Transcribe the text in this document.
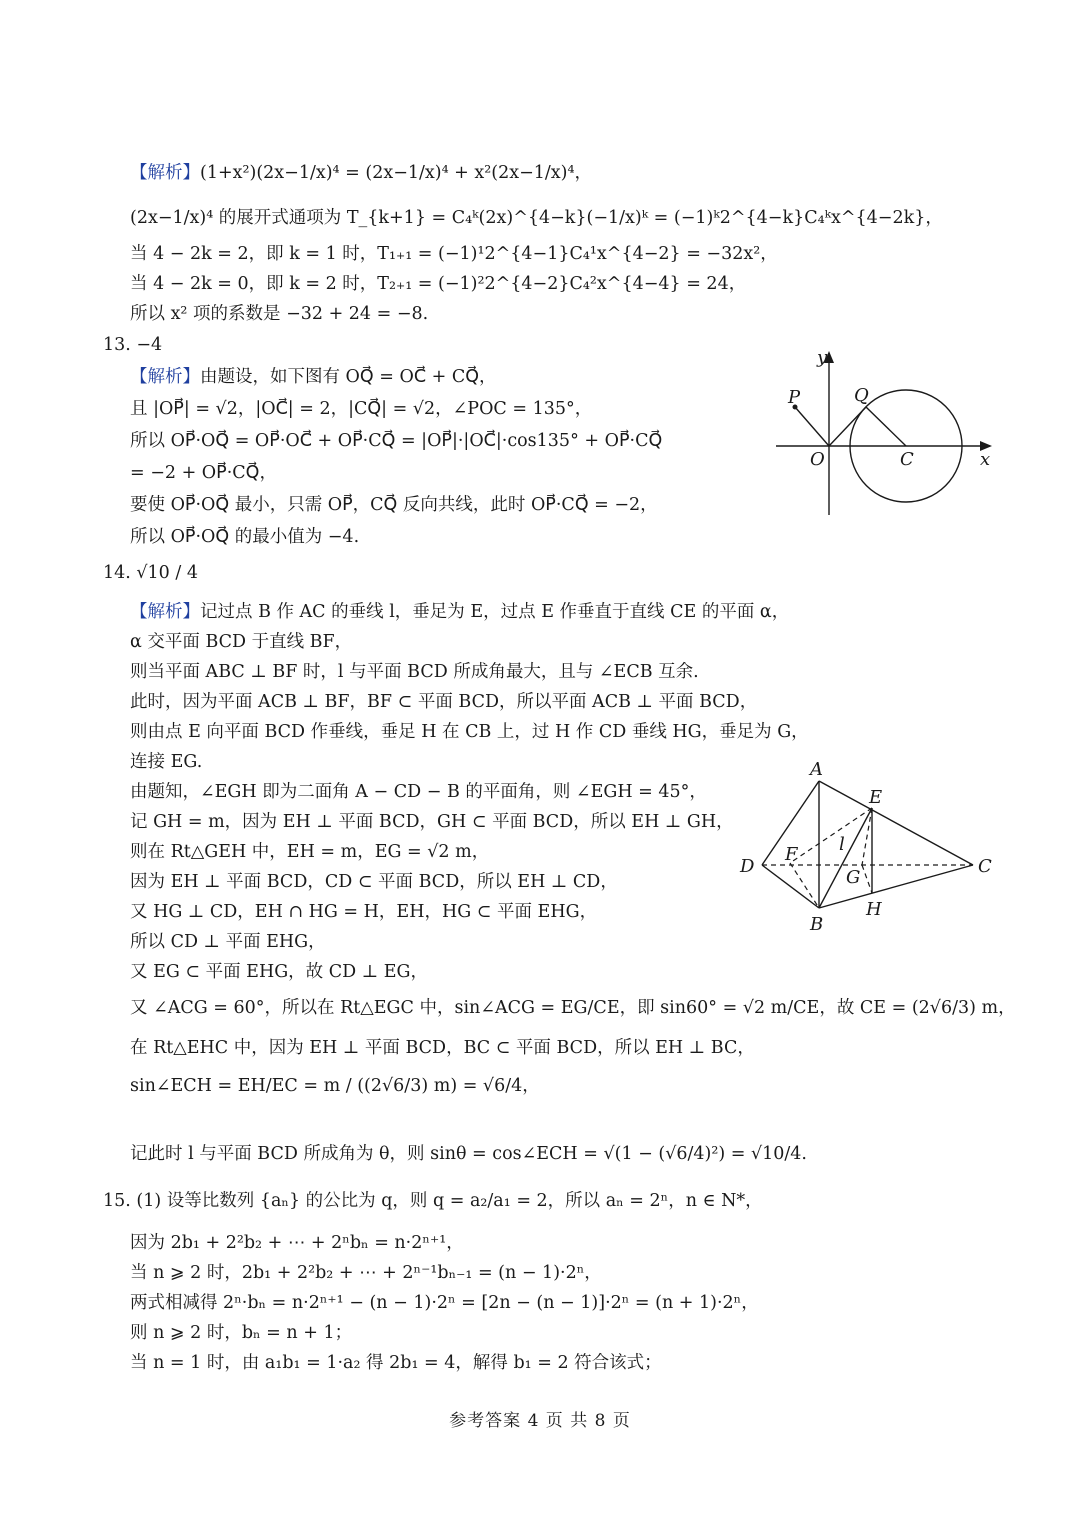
【解析】(1+x²)(2x−1/x)⁴ = (2x−1/x)⁴ + x²(2x−1/x)⁴，
(2x−1/x)⁴ 的展开式通项为 T_{k+1} = C₄ᵏ(2x)^{4−k}(−1/x)ᵏ = (−1)ᵏ2^{4−k}C₄ᵏx^{4−2k}，
当 4 − 2k = 2，即 k = 1 时，T₁₊₁ = (−1)¹2^{4−1}C₄¹x^{4−2} = −32x²，
当 4 − 2k = 0，即 k = 2 时，T₂₊₁ = (−1)²2^{4−2}C₄²x^{4−4} = 24，
所以 x² 项的系数是 −32 + 24 = −8.
13. −4
【解析】由题设，如下图有 OQ⃗ = OC⃗ + CQ⃗，
且 |OP⃗| = √2，|OC⃗| = 2，|CQ⃗| = √2，∠POC = 135°，
所以 OP⃗·OQ⃗ = OP⃗·OC⃗ + OP⃗·CQ⃗ = |OP⃗|·|OC⃗|·cos135° + OP⃗·CQ⃗
= −2 + OP⃗·CQ⃗，
要使 OP⃗·OQ⃗ 最小，只需 OP⃗，CQ⃗ 反向共线，此时 OP⃗·CQ⃗ = −2，
所以 OP⃗·OQ⃗ 的最小值为 −4.
14. √10 / 4
【解析】记过点 B 作 AC 的垂线 l，垂足为 E，过点 E 作垂直于直线 CE 的平面 α，
α 交平面 BCD 于直线 BF，
则当平面 ABC ⊥ BF 时，l 与平面 BCD 所成角最大，且与 ∠ECB 互余.
此时，因为平面 ACB ⊥ BF，BF ⊂ 平面 BCD，所以平面 ACB ⊥ 平面 BCD，
则由点 E 向平面 BCD 作垂线，垂足 H 在 CB 上，过 H 作 CD 垂线 HG，垂足为 G，
连接 EG.
由题知，∠EGH 即为二面角 A − CD − B 的平面角，则 ∠EGH = 45°，
记 GH = m，因为 EH ⊥ 平面 BCD，GH ⊂ 平面 BCD，所以 EH ⊥ GH，
则在 Rt△GEH 中，EH = m，EG = √2 m，
因为 EH ⊥ 平面 BCD，CD ⊂ 平面 BCD，所以 EH ⊥ CD，
又 HG ⊥ CD，EH ∩ HG = H，EH，HG ⊂ 平面 EHG，
所以 CD ⊥ 平面 EHG，
又 EG ⊂ 平面 EHG，故 CD ⊥ EG，
又 ∠ACG = 60°，所以在 Rt△EGC 中，sin∠ACG = EG/CE，即 sin60° = √2 m/CE，故 CE = (2√6/3) m，
在 Rt△EHC 中，因为 EH ⊥ 平面 BCD，BC ⊂ 平面 BCD，所以 EH ⊥ BC，
sin∠ECH = EH/EC = m / ((2√6/3) m) = √6/4，
记此时 l 与平面 BCD 所成角为 θ，则 sinθ = cos∠ECH = √(1 − (√6/4)²) = √10/4.
15. (1) 设等比数列 {aₙ} 的公比为 q，则 q = a₂/a₁ = 2，所以 aₙ = 2ⁿ，n ∈ N*，
因为 2b₁ + 2²b₂ + ⋯ + 2ⁿbₙ = n·2ⁿ⁺¹，
当 n ⩾ 2 时，2b₁ + 2²b₂ + ⋯ + 2ⁿ⁻¹bₙ₋₁ = (n − 1)·2ⁿ，
两式相减得 2ⁿ·bₙ = n·2ⁿ⁺¹ − (n − 1)·2ⁿ = [2n − (n − 1)]·2ⁿ = (n + 1)·2ⁿ，
则 n ⩾ 2 时，bₙ = n + 1；
当 n = 1 时，由 a₁b₁ = 1·a₂ 得 2b₁ = 4，解得 b₁ = 2 符合该式；
y
P	Q
O	C	x
A
E
D
F l
G
C
H
B
参考答案 4 页 共 8 页
